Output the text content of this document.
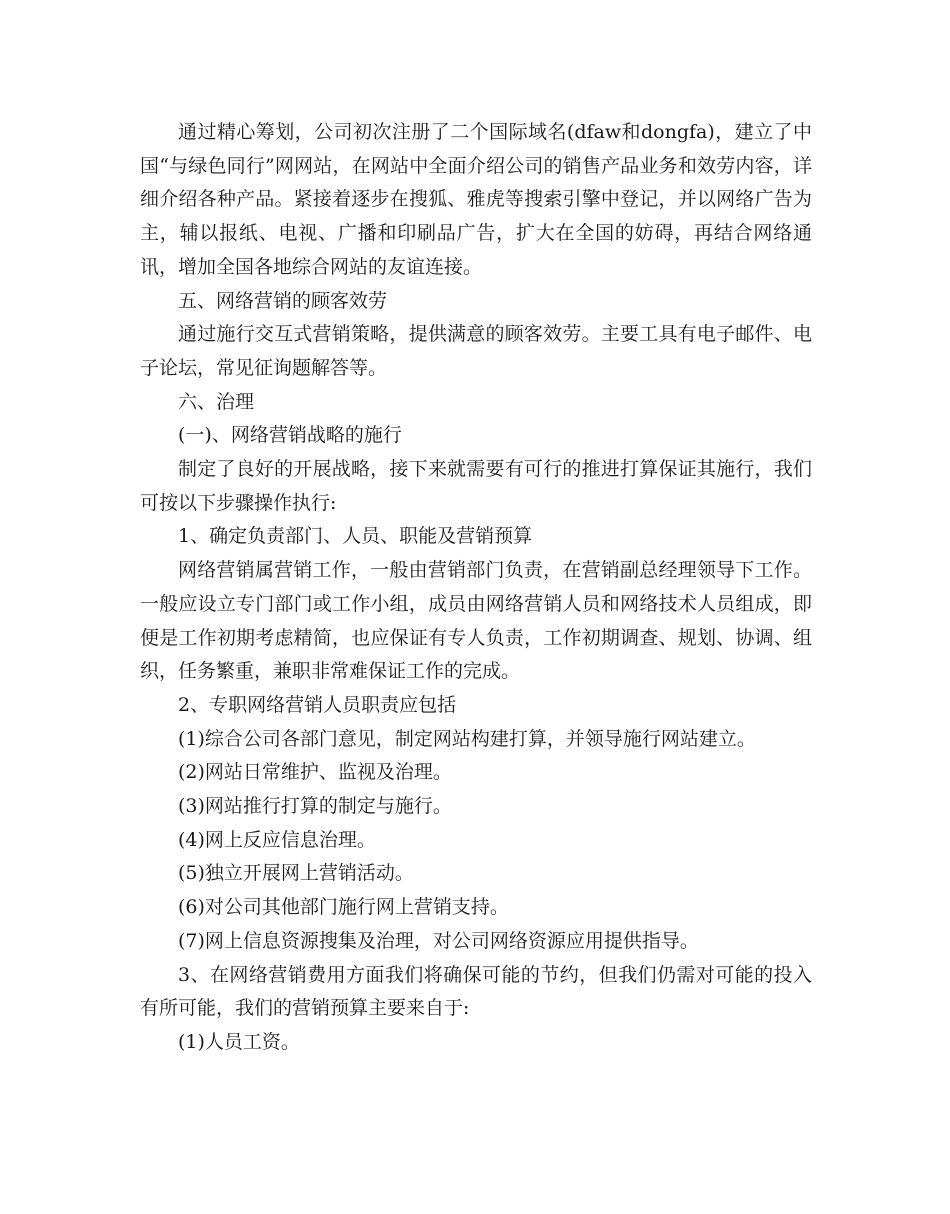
通过精心筹划，公司初次注册了二个国际域名(dfaw和dongfa)，建立了中国“与绿色同行”网网站，在网站中全面介绍公司的销售产品业务和效劳内容，详细介绍各种产品。紧接着逐步在搜狐、雅虎等搜索引擎中登记，并以网络广告为主，辅以报纸、电视、广播和印刷品广告，扩大在全国的妨碍，再结合网络通讯，增加全国各地综合网站的友谊连接。

五、网络营销的顾客效劳

通过施行交互式营销策略，提供满意的顾客效劳。主要工具有电子邮件、电子论坛，常见征询题解答等。

六、治理

(一)、网络营销战略的施行

制定了良好的开展战略，接下来就需要有可行的推进打算保证其施行，我们可按以下步骤操作执行:

1、确定负责部门、人员、职能及营销预算

网络营销属营销工作，一般由营销部门负责，在营销副总经理领导下工作。一般应设立专门部门或工作小组，成员由网络营销人员和网络技术人员组成，即便是工作初期考虑精简，也应保证有专人负责，工作初期调查、规划、协调、组织，任务繁重，兼职非常难保证工作的完成。

2、专职网络营销人员职责应包括

(1)综合公司各部门意见，制定网站构建打算，并领导施行网站建立。

(2)网站日常维护、监视及治理。

(3)网站推行打算的制定与施行。

(4)网上反应信息治理。

(5)独立开展网上营销活动。

(6)对公司其他部门施行网上营销支持。

(7)网上信息资源搜集及治理，对公司网络资源应用提供指导。

3、在网络营销费用方面我们将确保可能的节约，但我们仍需对可能的投入有所可能，我们的营销预算主要来自于:

(1)人员工资。
